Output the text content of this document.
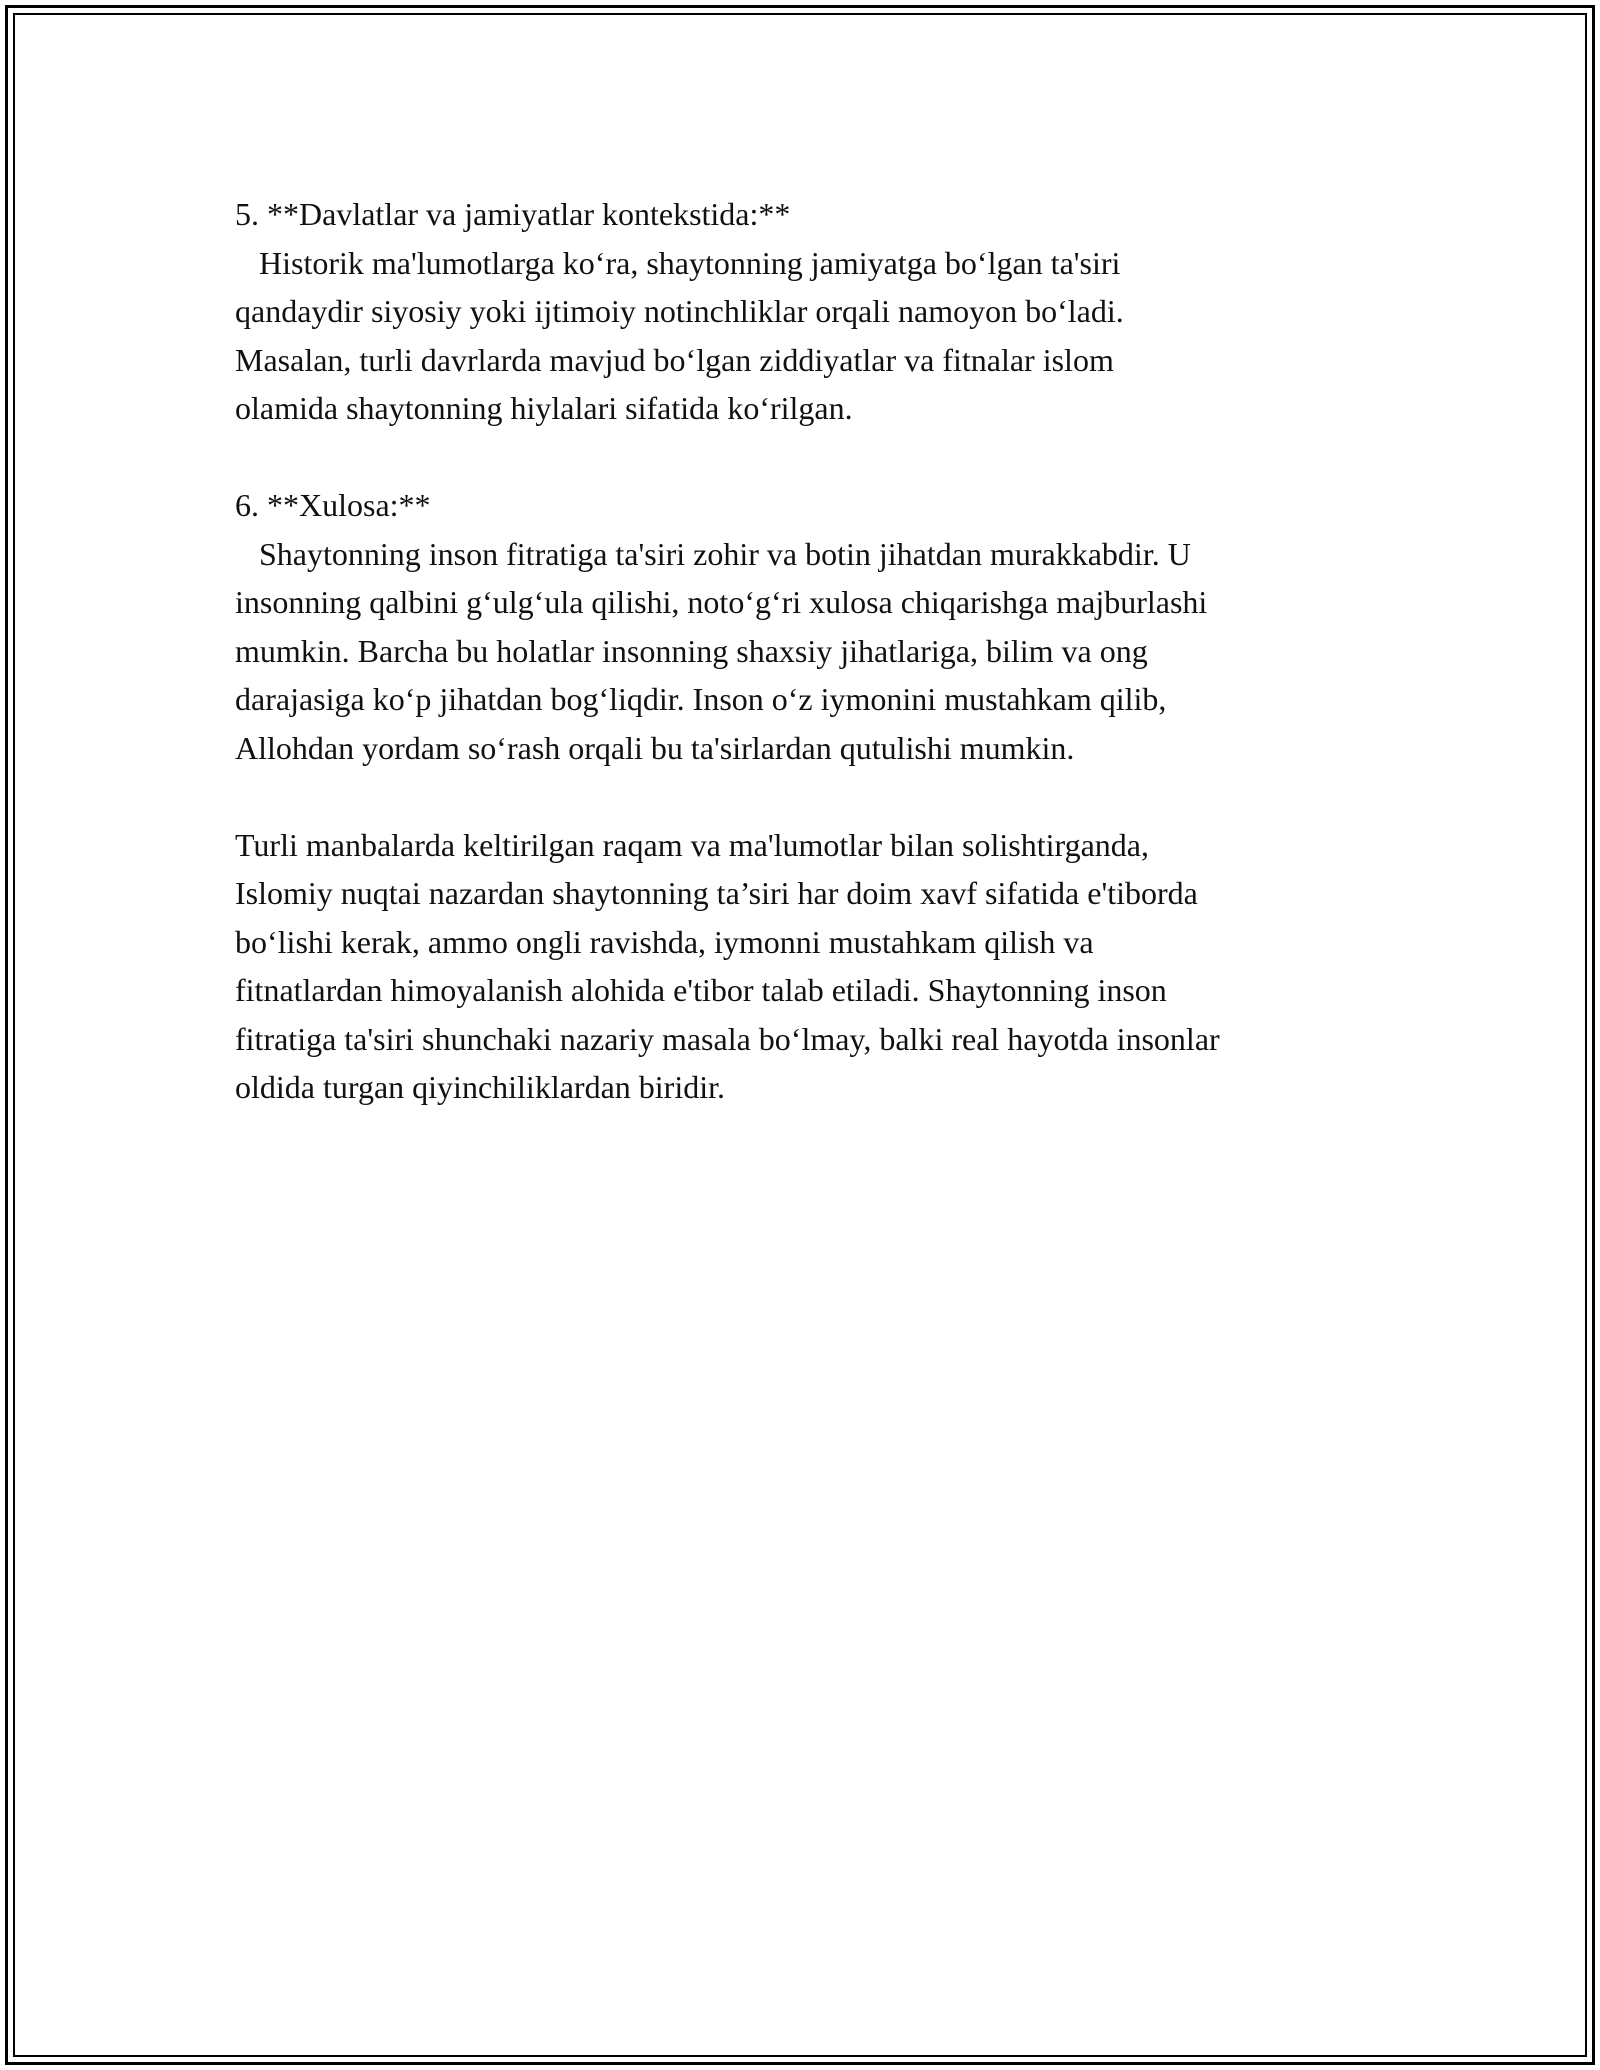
5. **Davlatlar va jamiyatlar kontekstida:**
Historik ma'lumotlarga ko‘ra, shaytonning jamiyatga bo‘lgan ta'siri
qandaydir siyosiy yoki ijtimoiy notinchliklar orqali namoyon bo‘ladi.
Masalan, turli davrlarda mavjud bo‘lgan ziddiyatlar va fitnalar islom
olamida shaytonning hiylalari sifatida ko‘rilgan.
6. **Xulosa:**
Shaytonning inson fitratiga ta'siri zohir va botin jihatdan murakkabdir. U
insonning qalbini g‘ulg‘ula qilishi, noto‘g‘ri xulosa chiqarishga majburlashi
mumkin. Barcha bu holatlar insonning shaxsiy jihatlariga, bilim va ong
darajasiga ko‘p jihatdan bog‘liqdir. Inson o‘z iymonini mustahkam qilib,
Allohdan yordam so‘rash orqali bu ta'sirlardan qutulishi mumkin.
Turli manbalarda keltirilgan raqam va ma'lumotlar bilan solishtirganda,
Islomiy nuqtai nazardan shaytonning ta’siri har doim xavf sifatida e'tiborda
bo‘lishi kerak, ammo ongli ravishda, iymonni mustahkam qilish va
fitnatlardan himoyalanish alohida e'tibor talab etiladi. Shaytonning inson
fitratiga ta'siri shunchaki nazariy masala bo‘lmay, balki real hayotda insonlar
oldida turgan qiyinchiliklardan biridir.
